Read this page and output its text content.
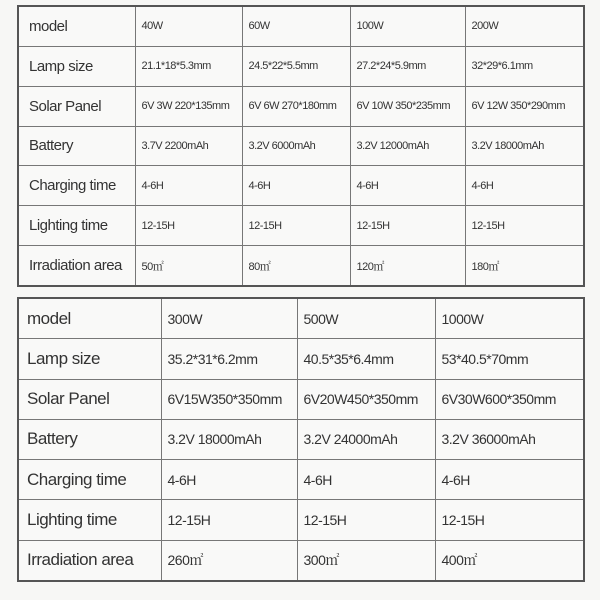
model	40W	60W	100W	200W
Lamp size	21.1*18*5.3mm	24.5*22*5.5mm	27.2*24*5.9mm	32*29*6.1mm
Solar Panel	6V 3W 220*135mm	6V 6W 270*180mm	6V 10W 350*235mm	6V 12W 350*290mm
Battery	3.7V 2200mAh	3.2V 6000mAh	3.2V 12000mAh	3.2V 18000mAh
Charging time	4-6H	4-6H	4-6H	4-6H
Lighting time	12-15H	12-15H	12-15H	12-15H
Irradiation area	50㎡	80㎡	120㎡	180㎡
model	300W	500W	1000W
Lamp size	35.2*31*6.2mm	40.5*35*6.4mm	53*40.5*70mm
Solar Panel	6V15W350*350mm	6V20W450*350mm	6V30W600*350mm
Battery	3.2V 18000mAh	3.2V 24000mAh	3.2V 36000mAh
Charging time	4-6H	4-6H	4-6H
Lighting time	12-15H	12-15H	12-15H
Irradiation area	260㎡	300㎡	400㎡
